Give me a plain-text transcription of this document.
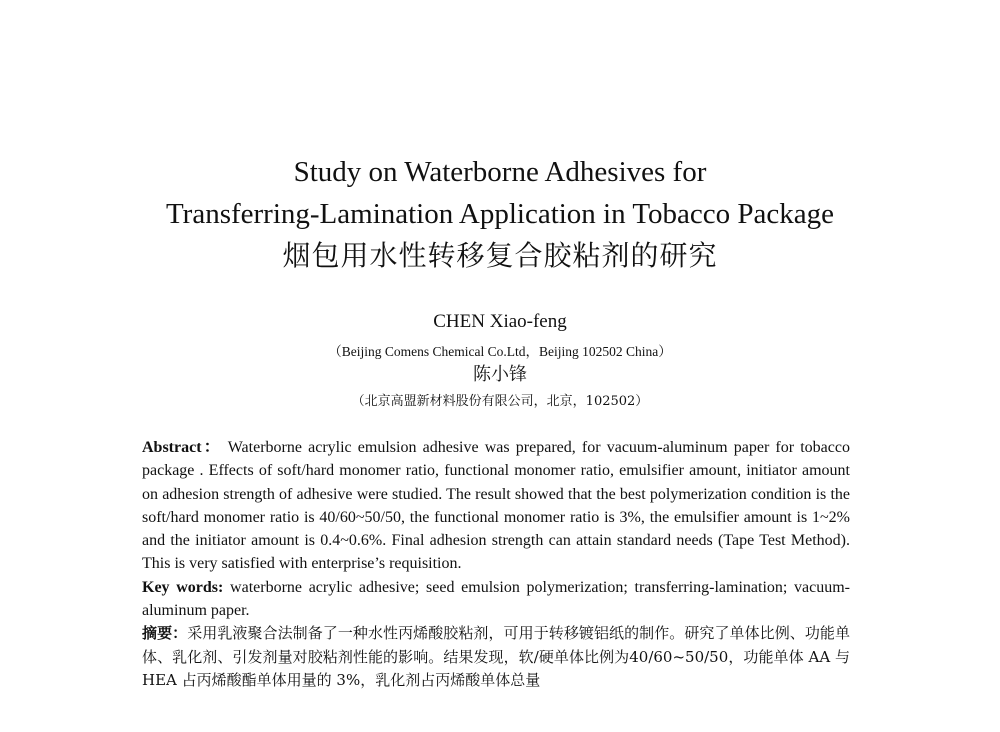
Study on Waterborne Adhesives for
Transferring-Lamination Application in Tobacco Package
烟包用水性转移复合胶粘剂的研究
CHEN Xiao-feng
（Beijing Comens Chemical Co.Ltd，Beijing 102502 China）
陈小锋
（北京高盟新材料股份有限公司，北京，102502）

Abstract： Waterborne acrylic emulsion adhesive was prepared, for vacuum-aluminum paper for tobacco package . Effects of soft/hard monomer ratio, functional monomer ratio, emulsifier amount, initiator amount on adhesion strength of adhesive were studied. The result showed that the best polymerization condition is the soft/hard monomer ratio is 40/60~50/50, the functional monomer ratio is 3%, the emulsifier amount is 1~2% and the initiator amount is 0.4~0.6%. Final adhesion strength can attain standard needs (Tape Test Method). This is very satisfied with enterprise’s requisition.

Key words: waterborne acrylic adhesive; seed emulsion polymerization; transferring-lamination; vacuum-aluminum paper.

摘要：采用乳液聚合法制备了一种水性丙烯酸胶粘剂，可用于转移镀铝纸的制作。研究了单体比例、功能单体、乳化剂、引发剂量对胶粘剂性能的影响。结果发现，软/硬单体比例为40/60~50/50，功能单体 AA 与 HEA 占丙烯酸酯单体用量的 3%，乳化剂占丙烯酸单体总量
